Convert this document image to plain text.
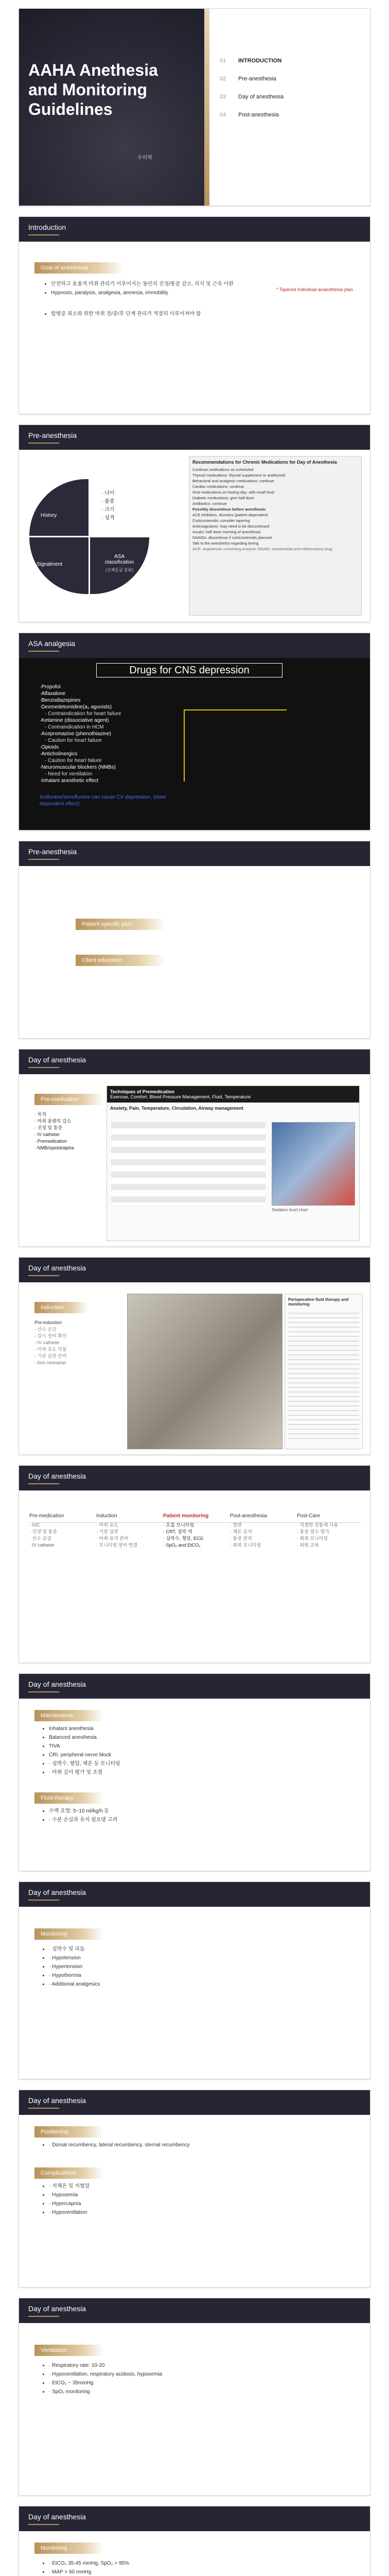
AAHA Anethesia and Monitoring Guidelines
수의학
01 INTRODUCTION
02 Pre-anesthesia
03 Day of anesthesia
04 Post-anesthesia
Introduction
Goal of anesthesia
• 안전하고 효율적 마취 관리가 이루어지는 동안의 진정/통증 감소, 의식 및 근육 이완
• Hypnosis, paralysis, analgesia, amnesia, immobility
* Tapered individual anaesthesia plan
• 합병증 최소화 위한 마취 전/중/후 단계 관리가 적절히 이루어져야 함
Pre-anesthesia
History
Signalment
ASA classification
(신체등급 분류)
· 나이
· 품종
· 크기
· 성격
Recommendations for Chronic Medications for Day of Anesthesia
Continue medications as scheduled
Thyroid medications: thyroid supplement or antithyroid
Behavioral and analgesic medications: continue
Cardiac medications: continue
Oral medications on fasting day: with small food
Diabetic medications: give half dose
Antibiotics: continue
Possibly discontinue before anesthesia:
ACE inhibitors, diuretics (patient dependent)
Corticosteroids: consider tapering
Anticoagulants: may need to be discontinued
Insulin: half dose morning of anesthesia
NSAIDs: discontinue if corticosteroids planned
Talk to the anesthetist regarding timing
ACE: angiotensin converting enzyme; NSAID: nonsteroidal anti-inflammatory drug
ASA analgesia
Drugs for CNS depression
·Propofol
·Alfaxalone
·Benzodiazepines
·Dexmedetomidine(a₂ agonists)
- Contraindication for heart failure
·Ketamine (dissociative agent)
- Contraindication in HCM
·Acepromazine (phenothiazine)
- Caution for heart failure
·Opioids
·Anticholinergics
- Caution for heart failure
·Neuromuscular blockers (NMBs)
- Need for ventilation
·Inhalant anesthetic effect
Isoflurane/sevoflurane can cause CV depression, (dose dependent effect)
Pre-anesthesia
Patient specific plan
Client education
Day of anesthesia
Pre-medication
· 목적
· 마취 용량의 감소
· 진정 및 통증
· IV catheter
· Premedication
· NMB/opioid/alpha
Techniques of Premedication
Exercise, Comfort, Blood Pressure Management, Fluid, Temperature
Anxiety, Pain, Temperature, Circulation, Airway management
Sedation level chart
Day of anesthesia
Induction
Pre-induction
- 산소 공급
- 감시 장비 확인
- IV catheter
- 마취 유도 약물
- 기관 삽관 준비
- Arm restrainer
Perioperative fluid therapy and monitoring
Day of anesthesia
Pre-medication
· IVC
· 진정 및 통증
· 산소 공급
· IV catheter
Induction
· 마취 유도
· 기관 삽관
· 마취 유지 준비
· 모니터링 장비 연결
Patient monitoring
· 호흡 모니터링
· CRT, 점막 색
· 심박수, 혈압, ECG
· SpO₂ and EtCO₂
Post-anesthesia
· 발관
· 체온 유지
· 통증 관리
· 회복 모니터링
Post-Care
· 적절한 진통제 사용
· 통증 점수 평가
· 회복 모니터링
· 퇴원 교육
Day of anesthesia
Maintenance
• Inhalant anesthesia
• Balanced anesthesia
• TIVA
• CRI, peripheral nerve block
• · 심박수, 혈압, 체온 등 모니터링
• · 마취 깊이 평가 및 조절
Fluid therapy
• 수액 요법: 5~10 ml/kg/h 등
• · 수분 손실과 유지 필요량 고려
Day of anesthesia
Monitoring
• · 심박수 및 리듬
• · Hypotension
• · Hypertension
• · Hypothermia
• · Additional analgesics
Day of anesthesia
Positioning
• · Dorsal recumbency, lateral recumbency, sternal recumbency
Complications
• · 저체온 및 저혈압
• · Hypoxemia
• · Hypercapnia
• · Hypoventilation
Day of anesthesia
Ventilation
• · Respiratory rate: 10-20
• · Hypoventilation, respiratory acidosis, hypoxemia
• · EtCO₂ ~ 35mmHg
• · SpO₂ monitoring
Day of anesthesia
Monitoring
• · EtCO₂ 35-45 mmHg, SpO₂ > 95%
• · MAP > 60 mmHg
